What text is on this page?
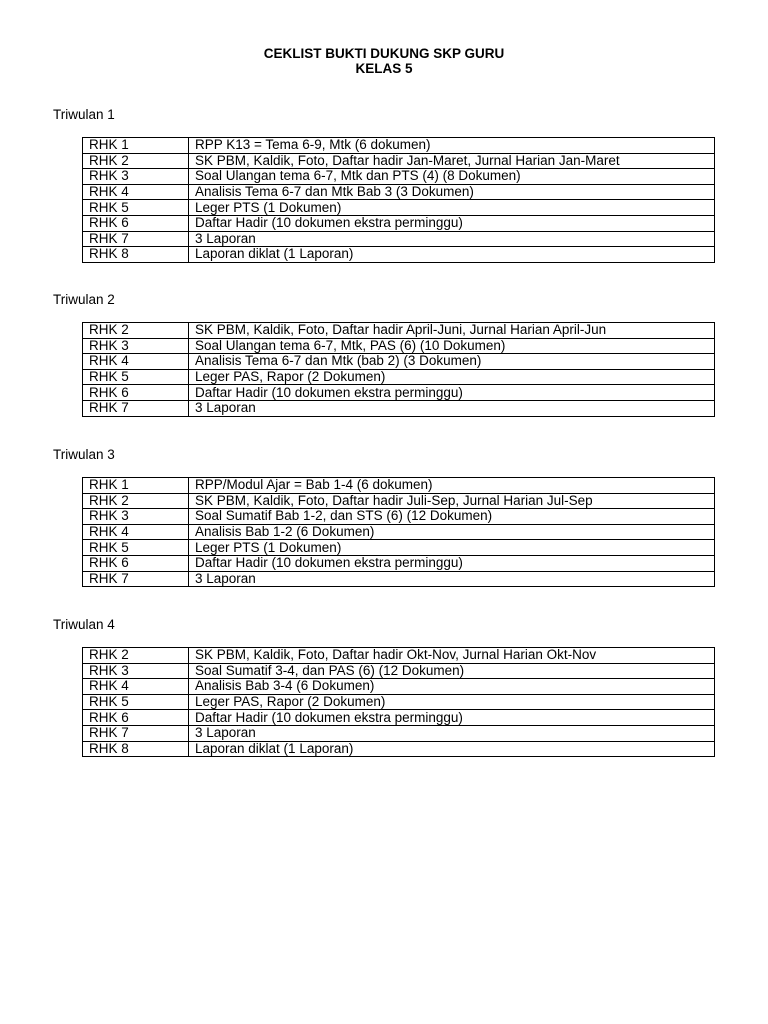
CEKLIST BUKTI DUKUNG SKP GURU
KELAS 5
Triwulan 1
RHK 1	RPP K13 = Tema 6-9, Mtk (6 dokumen)
RHK 2	SK PBM, Kaldik, Foto, Daftar hadir Jan-Maret, Jurnal Harian Jan-Maret
RHK 3	Soal Ulangan tema 6-7, Mtk dan PTS (4) (8 Dokumen)
RHK 4	Analisis Tema 6-7 dan Mtk Bab 3 (3 Dokumen)
RHK 5	Leger PTS (1 Dokumen)
RHK 6	Daftar Hadir (10 dokumen ekstra perminggu)
RHK 7	3 Laporan
RHK 8	Laporan diklat (1 Laporan)
Triwulan 2
RHK 2	SK PBM, Kaldik, Foto, Daftar hadir April-Juni, Jurnal Harian April-Jun
RHK 3	Soal Ulangan tema 6-7, Mtk, PAS (6) (10 Dokumen)
RHK 4	Analisis Tema 6-7 dan Mtk (bab 2) (3 Dokumen)
RHK 5	Leger PAS, Rapor (2 Dokumen)
RHK 6	Daftar Hadir (10 dokumen ekstra perminggu)
RHK 7	3 Laporan
Triwulan 3
RHK 1	RPP/Modul Ajar = Bab 1-4 (6 dokumen)
RHK 2	SK PBM, Kaldik, Foto, Daftar hadir Juli-Sep, Jurnal Harian Jul-Sep
RHK 3	Soal Sumatif Bab 1-2, dan STS (6) (12 Dokumen)
RHK 4	Analisis Bab 1-2 (6 Dokumen)
RHK 5	Leger PTS (1 Dokumen)
RHK 6	Daftar Hadir (10 dokumen ekstra perminggu)
RHK 7	3 Laporan
Triwulan 4
RHK 2	SK PBM, Kaldik, Foto, Daftar hadir Okt-Nov, Jurnal Harian Okt-Nov
RHK 3	Soal Sumatif 3-4, dan PAS (6) (12 Dokumen)
RHK 4	Analisis Bab 3-4 (6 Dokumen)
RHK 5	Leger PAS, Rapor (2 Dokumen)
RHK 6	Daftar Hadir (10 dokumen ekstra perminggu)
RHK 7	3 Laporan
RHK 8	Laporan diklat (1 Laporan)
